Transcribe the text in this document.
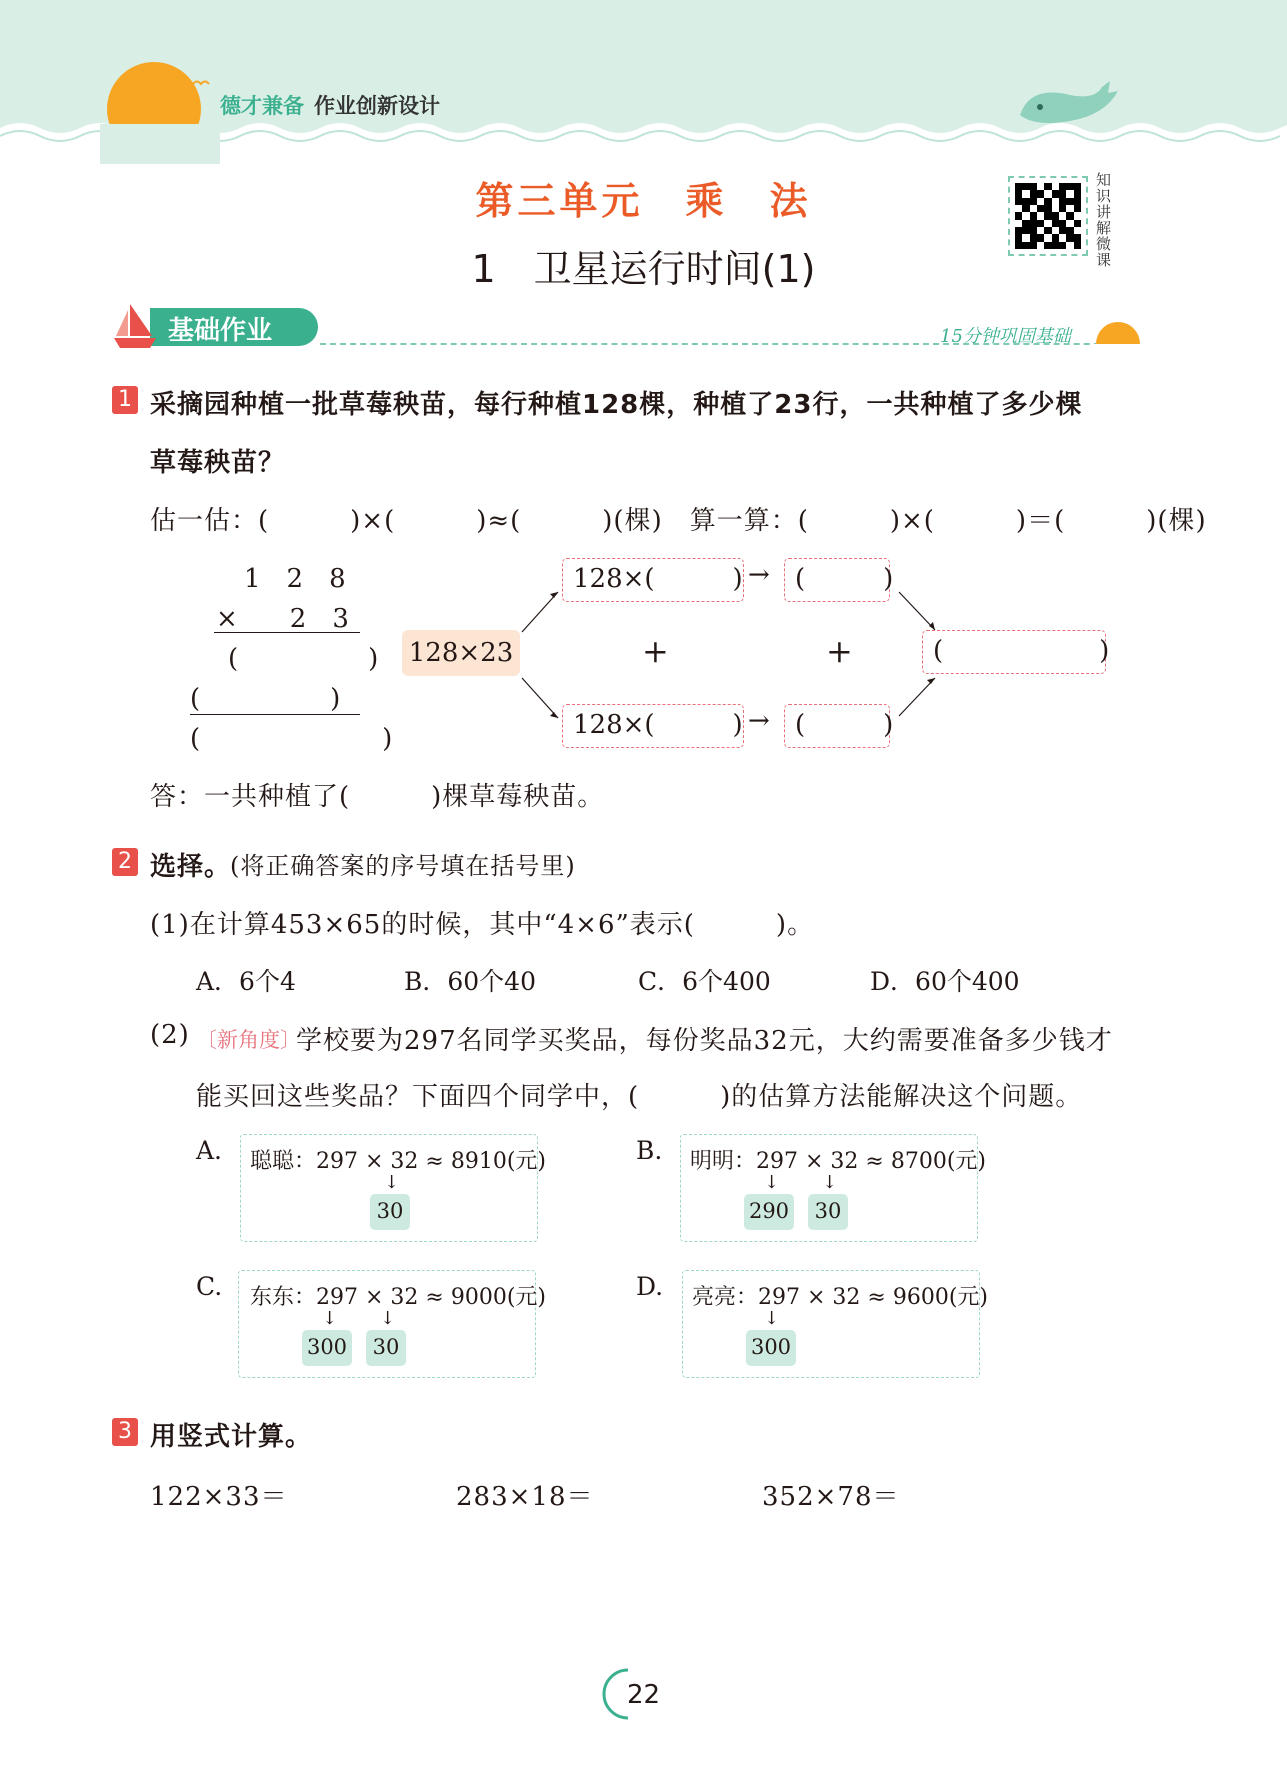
德才兼备 作业创新设计
第三单元　乘　法
1　卫星运行时间(1)
知识讲解微课
基础作业	15分钟巩固基础
1 采摘园种植一批草莓秧苗，每行种植128棵，种植了23行，一共种植了多少棵
草莓秧苗？
估一估：(　　　)×(　　　)≈(　　　)(棵)　算一算：(　　　)×(　　　)＝(　　　)(棵)
1　2　8
×　　2　3
(　　　　　)
(　　　　　)
(　　　　　　　)
128×23
128×(　　　) → (　　　)
+	+	(　　　　　　)
128×(　　　) → (　　　)
答：一共种植了(　　　)棵草莓秧苗。
2 选择。
(将正确答案的序号填在括号里)
(1)在计算453×65的时候，其中“4×6”表示(　　　)。
A．6个4	B．60个40	C．6个400	D．60个400
(2) 〔新角度〕
学校要为297名同学买奖品，每份奖品32元，大约需要准备多少钱才
能买回这些奖品？下面四个同学中，(　　　)的估算方法能解决这个问题。
A. 聪聪：297 × 32 ≈ 8910(元)
↓
30
B. 明明：297 × 32 ≈ 8700(元)
↓ ↓
290	30
C. 东东：297 × 32 ≈ 9000(元)
↓ ↓
300	30
D. 亮亮：297 × 32 ≈ 9600(元)
↓
300
3 用竖式计算。
122×33＝	283×18＝	352×78＝
22
